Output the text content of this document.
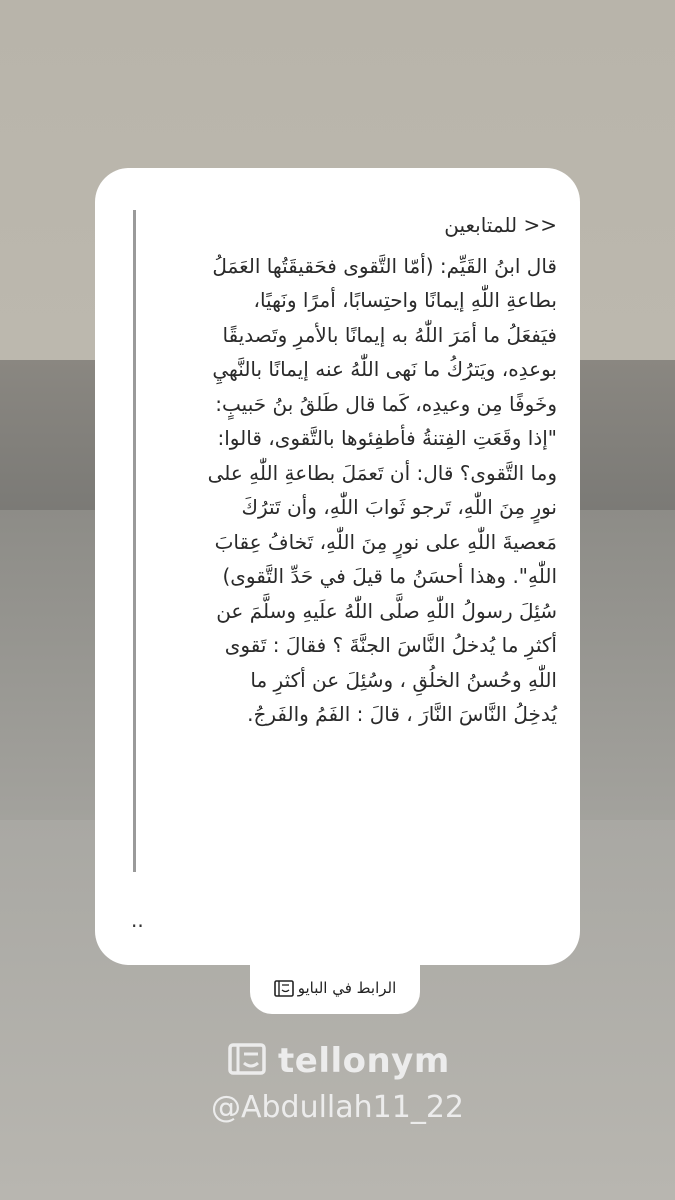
<< للمتابعين

قال ابنُ القَيِّم: (أمّا التَّقوى فحَقيقَتُها العَمَلُ

بطاعةِ اللّٰهِ إيمانًا واحتِسابًا، أمرًا ونَهيًا،

فيَفعَلُ ما أمَرَ اللّٰهُ به إيمانًا بالأمرِ وتَصديقًا

بوعدِه، ويَترُكُ ما نَهى اللّٰهُ عنه إيمانًا بالنَّهيِ

وخَوفًا مِن وعيدِه، كَما قال طَلقُ بنُ حَبيبٍ:

"إذا وقَعَتِ الفِتنةُ فأطفِئوها بالتَّقوى، قالوا:

وما التَّقوى؟ قال: أن تَعمَلَ بطاعةِ اللّٰهِ على

نورٍ مِنَ اللّٰهِ، تَرجو ثَوابَ اللّٰهِ، وأن تَترُكَ

مَعصيةَ اللّٰهِ على نورٍ مِنَ اللّٰهِ، تَخافُ عِقابَ

اللّٰهِ". وهذا أحسَنُ ما قيلَ في حَدِّ التَّقوى)

سُئِلَ رسولُ اللّٰهِ صلَّى اللّٰهُ علَيهِ وسلَّمَ عن

أكثرِ ما يُدخلُ النَّاسَ الجنَّةَ ؟ فقالَ : تَقوى

اللّٰهِ وحُسنُ الخلُقِ ، وسُئِلَ عن أكثرِ ما

يُدخِلُ النَّاسَ النَّارَ ، قالَ : الفَمُ والفَرجُ.

..
الرابط في البايو
tellonym
@Abdullah11_22
